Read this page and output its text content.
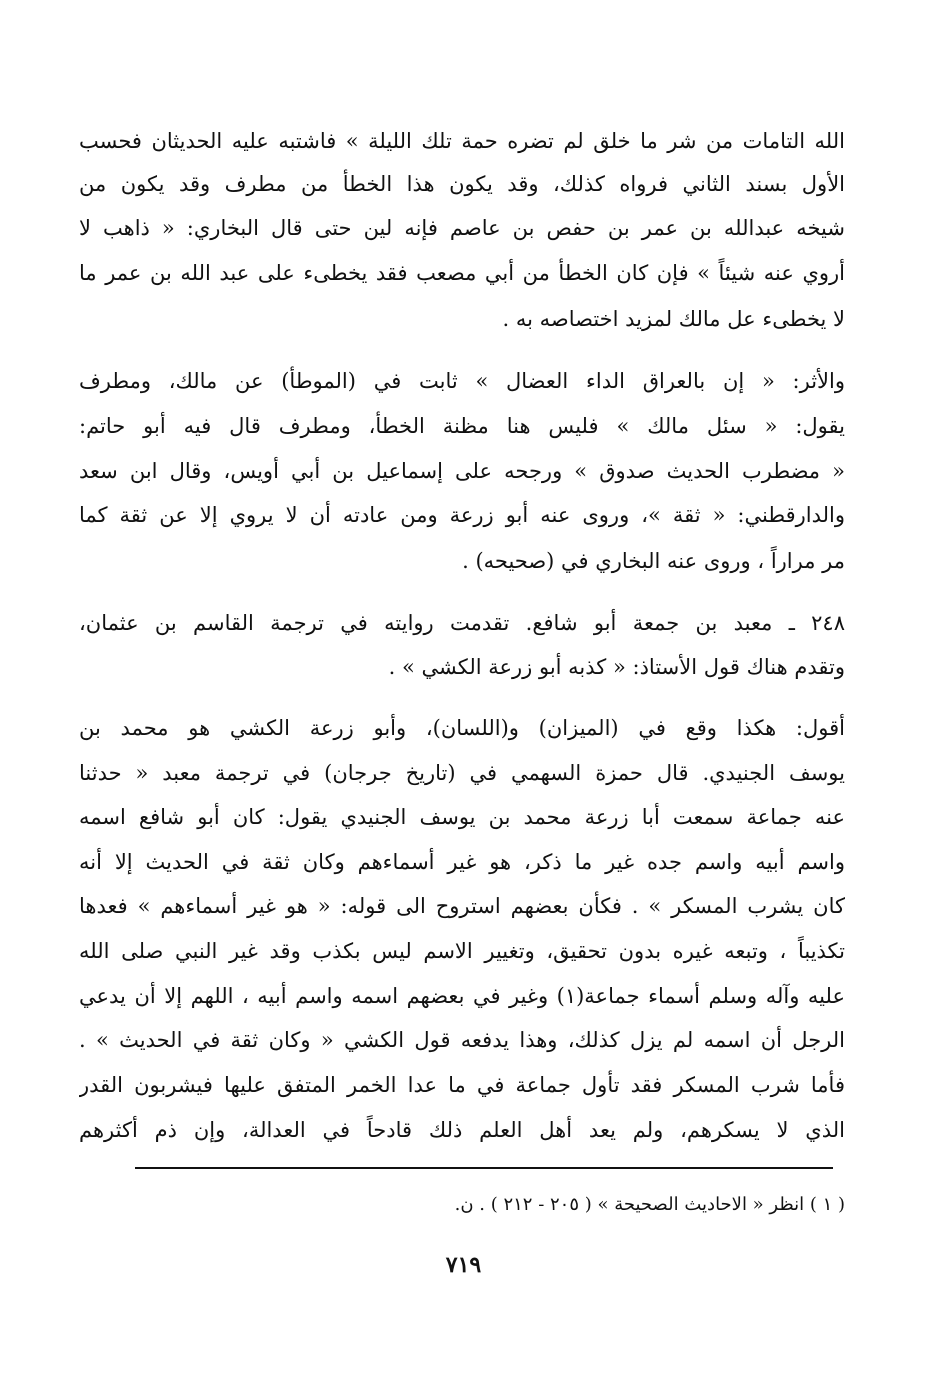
الله التامات من شر ما خلق لم تضره حمة تلك الليلة » فاشتبه عليه الحديثان فحسب
الأول بسند الثاني فرواه كذلك، وقد يكون هذا الخطأ من مطرف وقد يكون من
شيخه عبدالله بن عمر بن حفص بن عاصم فإنه لين حتى قال البخاري: « ذاهب لا
أروي عنه شيئاً » فإن كان الخطأ من أبي مصعب فقد يخطىء على عبد الله بن عمر ما
لا يخطىء عل مالك لمزيد اختصاصه به .
والأثر: « إن بالعراق الداء العضال » ثابت في (الموطأ) عن مالك، ومطرف
يقول: « سئل مالك » فليس هنا مظنة الخطأ، ومطرف قال فيه أبو حاتم:
« مضطرب الحديث صدوق » ورجحه على إسماعيل بن أبي أويس، وقال ابن سعد
والدارقطني: « ثقة »، وروى عنه أبو زرعة ومن عادته أن لا يروي إلا عن ثقة كما
مر مراراً ، وروى عنه البخاري في (صحيحه) .
٢٤٨ ـ معبد بن جمعة أبو شافع. تقدمت روايته في ترجمة القاسم بن عثمان،
وتقدم هناك قول الأستاذ: « كذبه أبو زرعة الكشي » .
أقول: هكذا وقع في (الميزان) و(اللسان)، وأبو زرعة الكشي هو محمد بن
يوسف الجنيدي. قال حمزة السهمي في (تاريخ جرجان) في ترجمة معبد « حدثنا
عنه جماعة سمعت أبا زرعة محمد بن يوسف الجنيدي يقول: كان أبو شافع اسمه
واسم أبيه واسم جده غير ما ذكر، هو غير أسماءهم وكان ثقة في الحديث إلا أنه
كان يشرب المسكر » . فكأن بعضهم استروح الى قوله: « هو غير أسماءهم » فعدها
تكذيباً ، وتبعه غيره بدون تحقيق، وتغيير الاسم ليس بكذب وقد غير النبي صلى الله
عليه وآله وسلم أسماء جماعة(١) وغير في بعضهم اسمه واسم أبيه ، اللهم إلا أن يدعي
الرجل أن اسمه لم يزل كذلك، وهذا يدفعه قول الكشي « وكان ثقة في الحديث » .
فأما شرب المسكر فقد تأول جماعة في ما عدا الخمر المتفق عليها فيشربون القدر
الذي لا يسكرهم، ولم يعد أهل العلم ذلك قادحاً في العدالة، وإن ذم أكثرهم
( ١ ) انظر « الاحاديث الصحيحة » ( ٢٠٥ - ٢١٢ ) . ن.
٧١٩
